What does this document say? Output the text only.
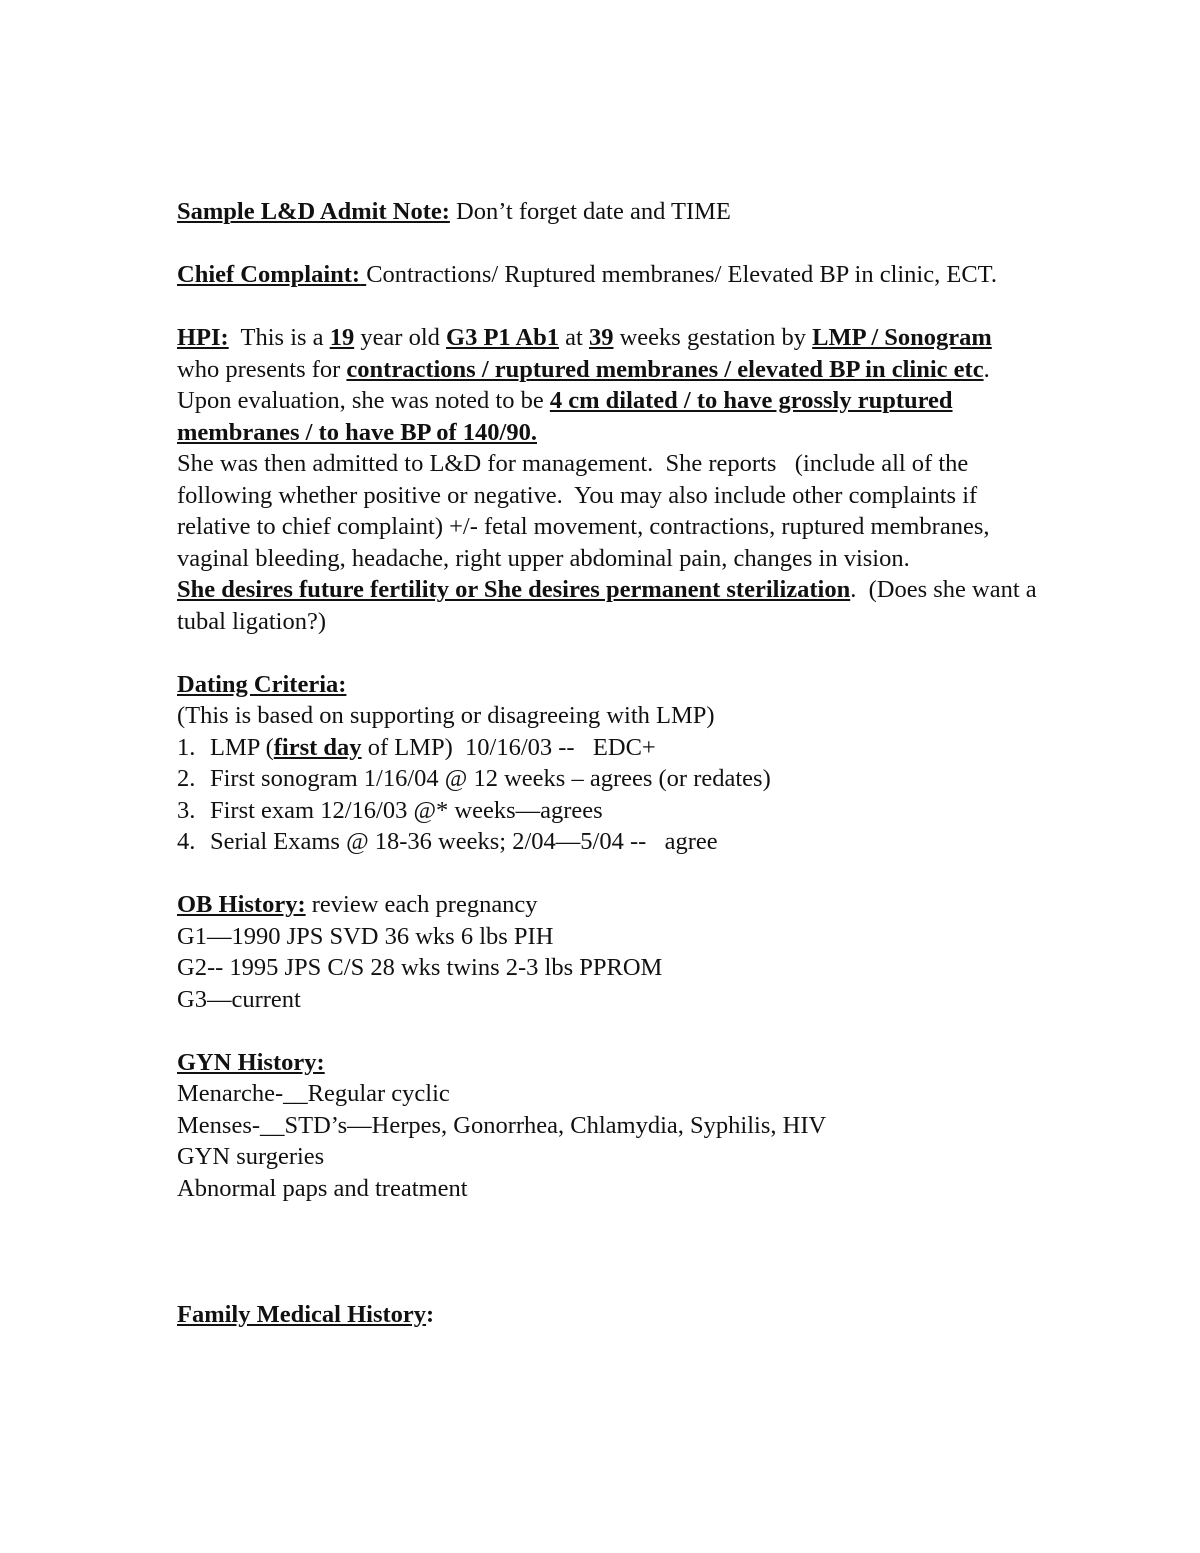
Sample L&D Admit Note: Don’t forget date and TIME

Chief Complaint: Contractions/ Ruptured membranes/ Elevated BP in clinic, ECT.

HPI:  This is a 19 year old G3 P1 Ab1 at 39 weeks gestation by LMP / Sonogram who presents for contractions / ruptured membranes / elevated BP in clinic etc.  Upon evaluation, she was noted to be 4 cm dilated / to have grossly ruptured membranes / to have BP of 140/90.
She was then admitted to L&D for management.  She reports   (include all of the following whether positive or negative.  You may also include other complaints if relative to chief complaint) +/- fetal movement, contractions, ruptured membranes, vaginal bleeding, headache, right upper abdominal pain, changes in vision.
She desires future fertility or She desires permanent sterilization.  (Does she want a tubal ligation?)

Dating Criteria:

(This is based on supporting or disagreeing with LMP)

1. LMP (first day of LMP)  10/16/03 --   EDC+
2. First sonogram 1/16/04 @ 12 weeks – agrees (or redates)
3. First exam 12/16/03 @* weeks—agrees
4. Serial Exams @ 18-36 weeks; 2/04—5/04 --   agree

OB History: review each pregnancy

G1—1990 JPS SVD 36 wks 6 lbs PIH

G2-- 1995 JPS C/S 28 wks twins 2-3 lbs PPROM

G3—current

GYN History:

Menarche-__Regular cyclic

Menses-__STD’s—Herpes, Gonorrhea, Chlamydia, Syphilis, HIV

GYN surgeries

Abnormal paps and treatment

Family Medical History:
